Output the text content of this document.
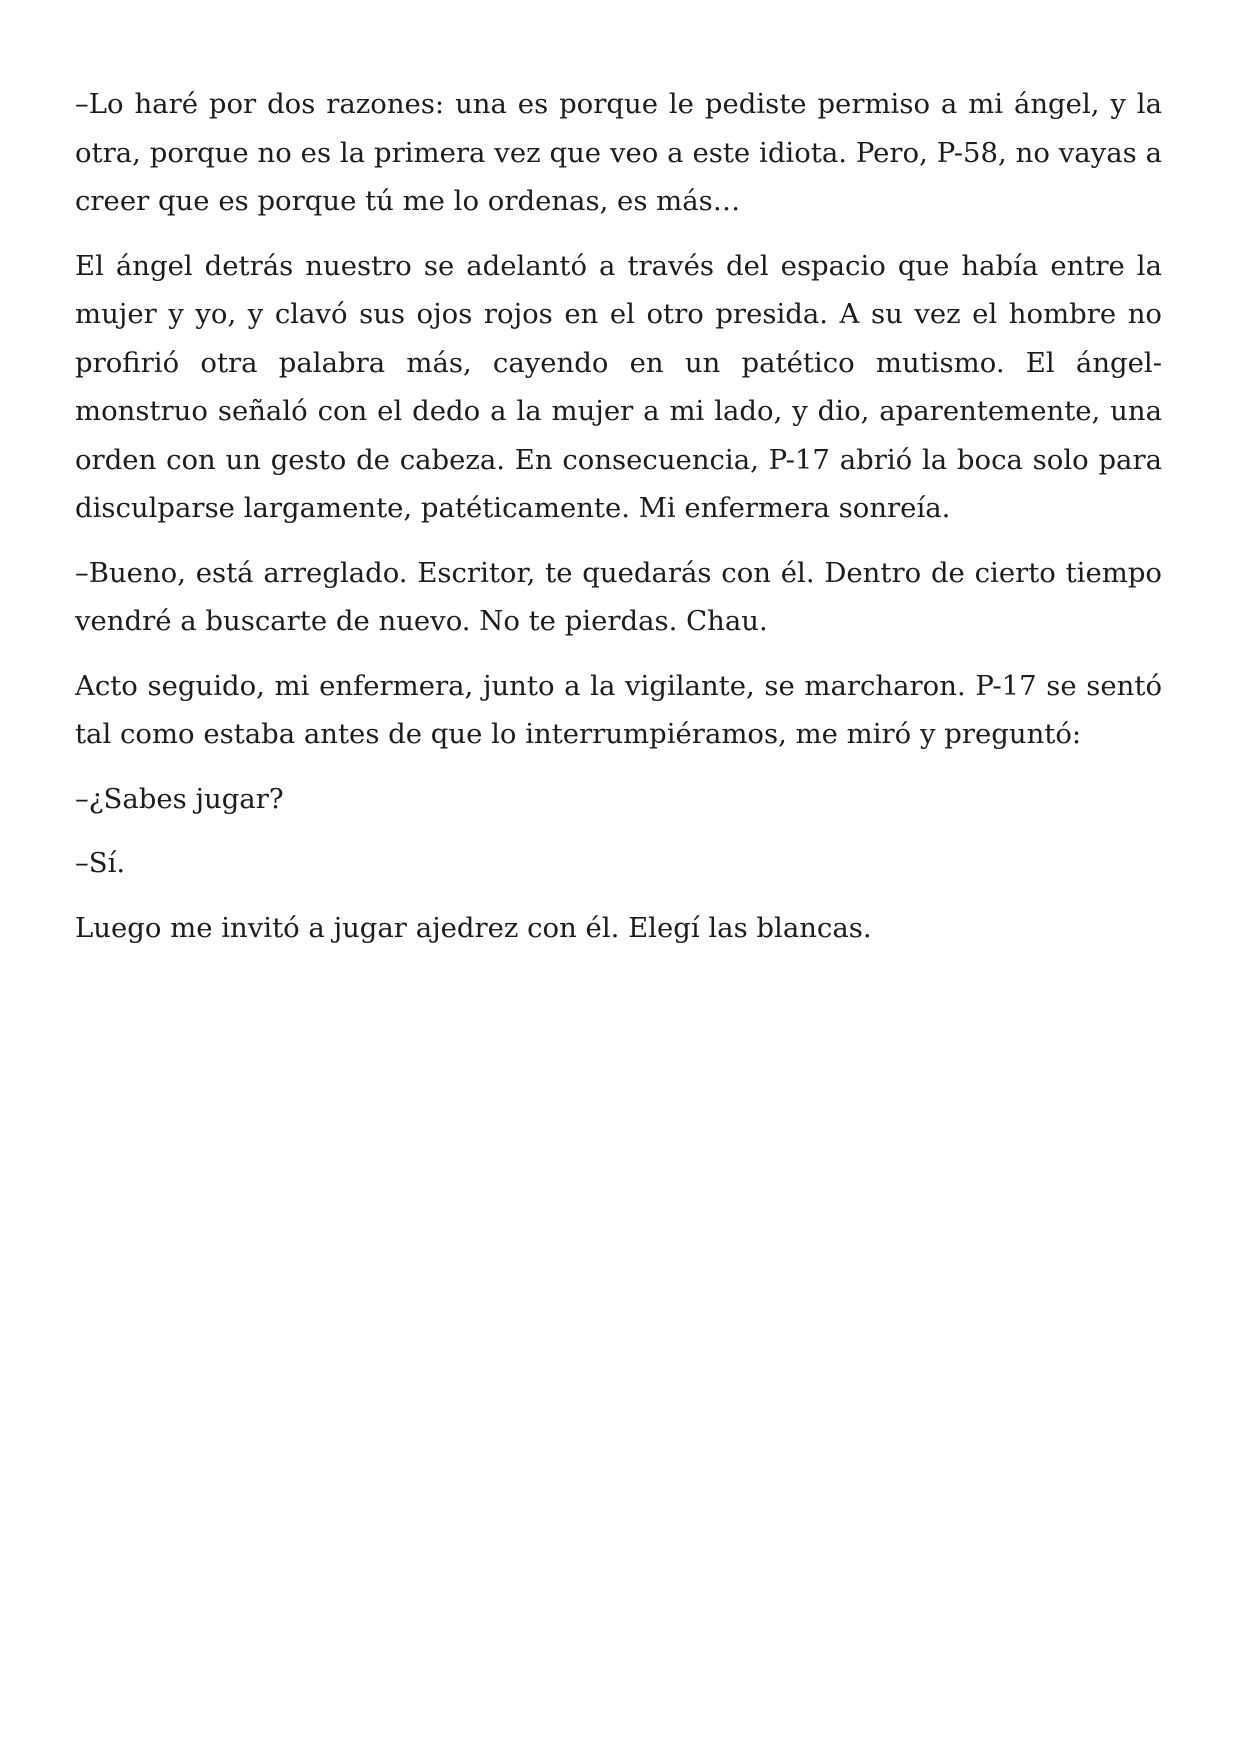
–Lo haré por dos razones: una es porque le pediste permiso a mi ángel, y la otra, porque no es la primera vez que veo a este idiota. Pero, P-58, no vayas a creer que es porque tú me lo ordenas, es más…

El ángel detrás nuestro se adelantó a través del espacio que había entre la mujer y yo, y clavó sus ojos rojos en el otro presida. A su vez el hombre no profirió otra palabra más, cayendo en un patético mutismo. El ángel-monstruo señaló con el dedo a la mujer a mi lado, y dio, aparentemente, una orden con un gesto de cabeza. En consecuencia, P-17 abrió la boca solo para disculparse largamente, patéticamente. Mi enfermera sonreía.

–Bueno, está arreglado. Escritor, te quedarás con él. Dentro de cierto tiempo vendré a buscarte de nuevo. No te pierdas. Chau.

Acto seguido, mi enfermera, junto a la vigilante, se marcharon. P-17 se sentó tal como estaba antes de que lo interrumpiéramos, me miró y preguntó:

–¿Sabes jugar?

–Sí.

Luego me invitó a jugar ajedrez con él. Elegí las blancas.
